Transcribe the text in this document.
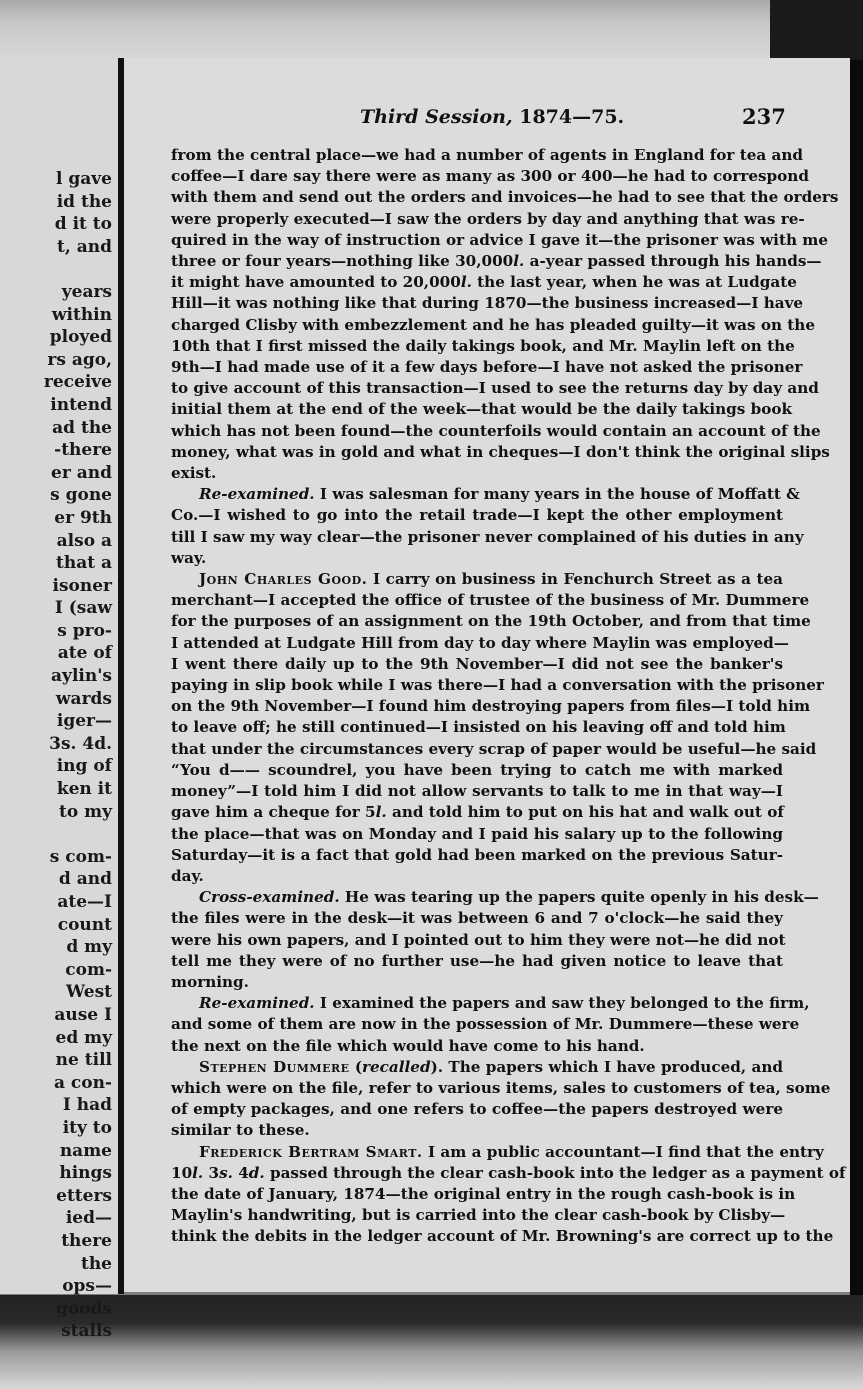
l gave
id the
d it to
t, and
years
within
ployed
rs ago,
receive
intend
ad the
-there
er and
s gone
er 9th
also a
that a
isoner
I (saw
s pro-
ate of
aylin's
wards
iger—
3s. 4d.
ing of
ken it
to my
s com-
d and
ate—I
count
d my
com-
West
ause I
ed my
ne till
a con-
I had
ity to
name
hings
etters
ied—
there
the
ops—
goods
stalls
Third Session, 1874—75.	237
from the central place—we had a number of agents in England for tea and
coffee—I dare say there were as many as 300 or 400—he had to correspond
with them and send out the orders and invoices—he had to see that the orders
were properly executed—I saw the orders by day and anything that was re-
quired in the way of instruction or advice I gave it—the prisoner was with me
three or four years—nothing like 30,000l. a-year passed through his hands—
it might have amounted to 20,000l. the last year, when he was at Ludgate
Hill—it was nothing like that during 1870—the business increased—I have
charged Clisby with embezzlement and he has pleaded guilty—it was on the
10th that I first missed the daily takings book, and Mr. Maylin left on the
9th—I had made use of it a few days before—I have not asked the prisoner
to give account of this transaction—I used to see the returns day by day and
initial them at the end of the week—that would be the daily takings book
which has not been found—the counterfoils would contain an account of the
money, what was in gold and what in cheques—I don't think the original slips
exist.
Re-examined. I was salesman for many years in the house of Moffatt &
Co.—I wished to go into the retail trade—I kept the other employment
till I saw my way clear—the prisoner never complained of his duties in any
way.
John Charles Good. I carry on business in Fenchurch Street as a tea
merchant—I accepted the office of trustee of the business of Mr. Dummere
for the purposes of an assignment on the 19th October, and from that time
I attended at Ludgate Hill from day to day where Maylin was employed—
I went there daily up to the 9th November—I did not see the banker's
paying in slip book while I was there—I had a conversation with the prisoner
on the 9th November—I found him destroying papers from files—I told him
to leave off; he still continued—I insisted on his leaving off and told him
that under the circumstances every scrap of paper would be useful—he said
“You d—— scoundrel, you have been trying to catch me with marked
money”—I told him I did not allow servants to talk to me in that way—I
gave him a cheque for 5l. and told him to put on his hat and walk out of
the place—that was on Monday and I paid his salary up to the following
Saturday—it is a fact that gold had been marked on the previous Satur-
day.
Cross-examined. He was tearing up the papers quite openly in his desk—
the files were in the desk—it was between 6 and 7 o'clock—he said they
were his own papers, and I pointed out to him they were not—he did not
tell me they were of no further use—he had given notice to leave that
morning.
Re-examined. I examined the papers and saw they belonged to the firm,
and some of them are now in the possession of Mr. Dummere—these were
the next on the file which would have come to his hand.
Stephen Dummere (recalled). The papers which I have produced, and
which were on the file, refer to various items, sales to customers of tea, some
of empty packages, and one refers to coffee—the papers destroyed were
similar to these.
Frederick Bertram Smart. I am a public accountant—I find that the entry
10l. 3s. 4d. passed through the clear cash-book into the ledger as a payment of
the date of January, 1874—the original entry in the rough cash-book is in
Maylin's handwriting, but is carried into the clear cash-book by Clisby—
think the debits in the ledger account of Mr. Browning's are correct up to the
